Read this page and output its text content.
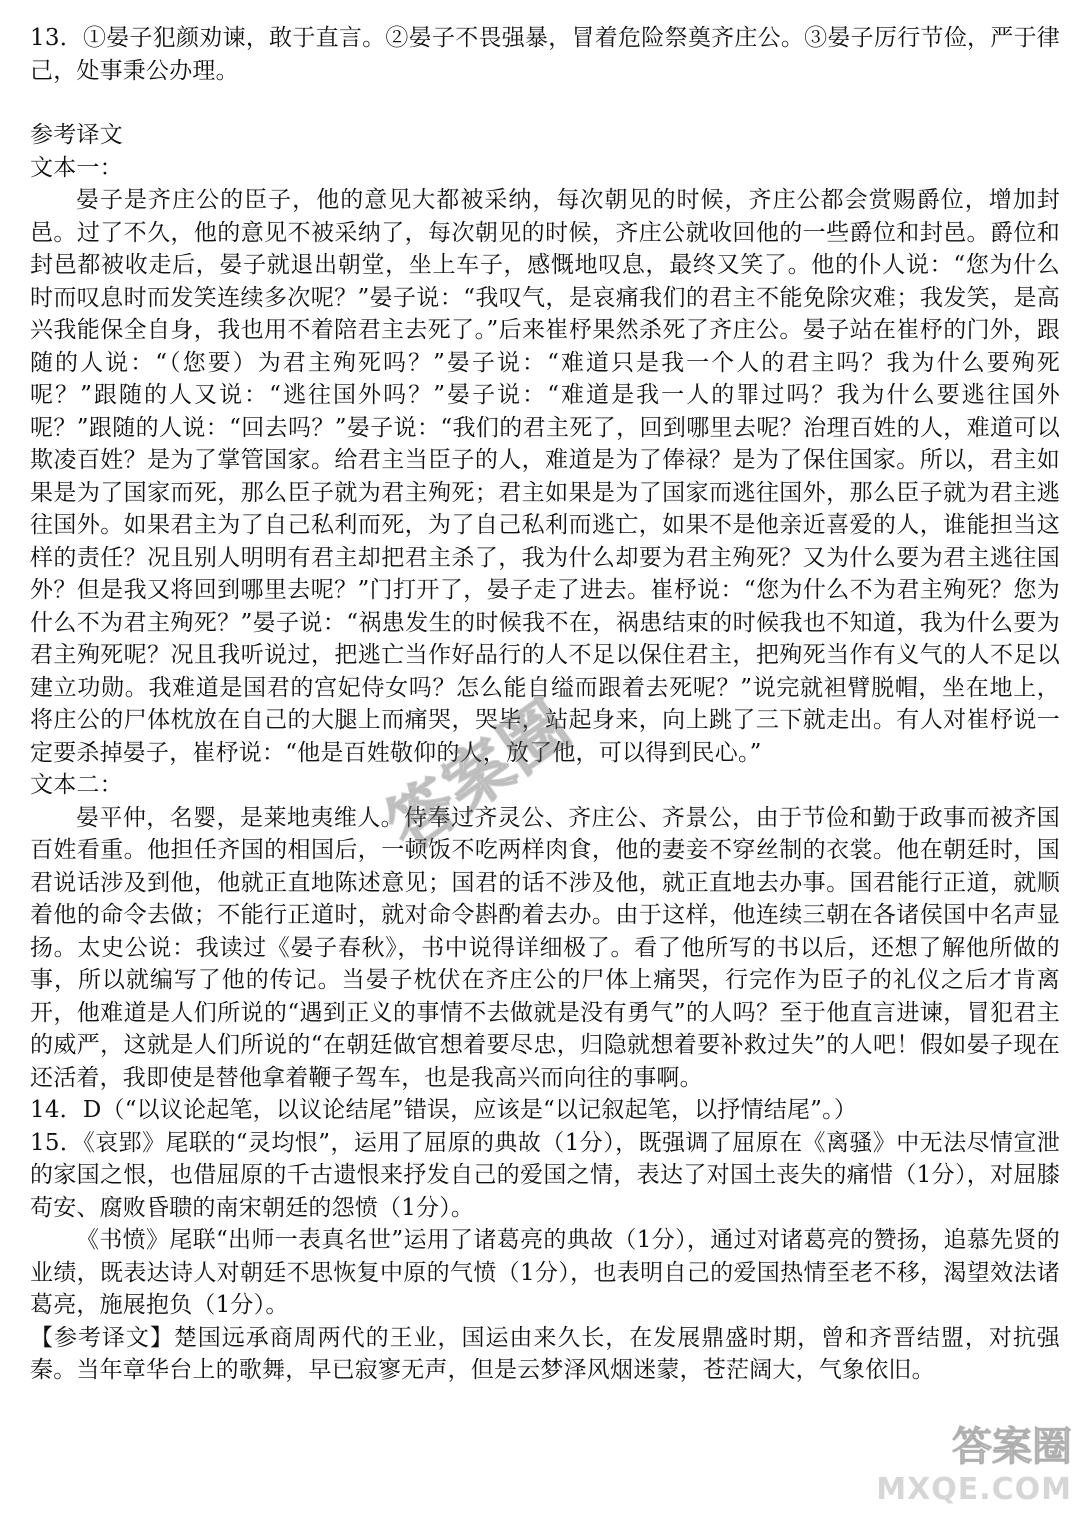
13．①晏子犯颜劝谏，敢于直言。②晏子不畏强暴，冒着危险祭奠齐庄公。③晏子厉行节俭，严于律己，处事秉公办理。

参考译文

文本一：

晏子是齐庄公的臣子，他的意见大都被采纳，每次朝见的时候，齐庄公都会赏赐爵位，增加封邑。过了不久，他的意见不被采纳了，每次朝见的时候，齐庄公就收回他的一些爵位和封邑。爵位和封邑都被收走后，晏子就退出朝堂，坐上车子，感慨地叹息，最终又笑了。他的仆人说：“您为什么时而叹息时而发笑连续多次呢？”晏子说：“我叹气，是哀痛我们的君主不能免除灾难；我发笑，是高兴我能保全自身，我也用不着陪君主去死了。”后来崔杼果然杀死了齐庄公。晏子站在崔杼的门外，跟随的人说：“（您要）为君主殉死吗？”晏子说：“难道只是我一个人的君主吗？我为什么要殉死呢？”跟随的人又说：“逃往国外吗？”晏子说：“难道是我一人的罪过吗？我为什么要逃往国外呢？”跟随的人说：“回去吗？”晏子说：“我们的君主死了，回到哪里去呢？治理百姓的人，难道可以欺凌百姓？是为了掌管国家。给君主当臣子的人，难道是为了俸禄？是为了保住国家。所以，君主如果是为了国家而死，那么臣子就为君主殉死；君主如果是为了国家而逃往国外，那么臣子就为君主逃往国外。如果君主为了自己私利而死，为了自己私利而逃亡，如果不是他亲近喜爱的人，谁能担当这样的责任？况且别人明明有君主却把君主杀了，我为什么却要为君主殉死？又为什么要为君主逃往国外？但是我又将回到哪里去呢？”门打开了，晏子走了进去。崔杼说：“您为什么不为君主殉死？您为什么不为君主殉死？”晏子说：“祸患发生的时候我不在，祸患结束的时候我也不知道，我为什么要为君主殉死呢？况且我听说过，把逃亡当作好品行的人不足以保住君主，把殉死当作有义气的人不足以建立功勋。我难道是国君的宫妃侍女吗？怎么能自缢而跟着去死呢？”说完就袒臂脱帽，坐在地上，将庄公的尸体枕放在自己的大腿上而痛哭，哭毕，站起身来，向上跳了三下就走出。有人对崔杼说一定要杀掉晏子，崔杼说：“他是百姓敬仰的人，放了他，可以得到民心。”

文本二：

晏平仲，名婴，是莱地夷维人。侍奉过齐灵公、齐庄公、齐景公，由于节俭和勤于政事而被齐国百姓看重。他担任齐国的相国后，一顿饭不吃两样肉食，他的妻妾不穿丝制的衣裳。他在朝廷时，国君说话涉及到他，他就正直地陈述意见；国君的话不涉及他，就正直地去办事。国君能行正道，就顺着他的命令去做；不能行正道时，就对命令斟酌着去办。由于这样，他连续三朝在各诸侯国中名声显扬。太史公说：我读过《晏子春秋》，书中说得详细极了。看了他所写的书以后，还想了解他所做的事，所以就编写了他的传记。当晏子枕伏在齐庄公的尸体上痛哭，行完作为臣子的礼仪之后才肯离开，他难道是人们所说的“遇到正义的事情不去做就是没有勇气”的人吗？至于他直言进谏，冒犯君主的威严，这就是人们所说的“在朝廷做官想着要尽忠，归隐就想着要补救过失”的人吧！假如晏子现在还活着，我即使是替他拿着鞭子驾车，也是我高兴而向往的事啊。

14．D（“以议论起笔，以议论结尾”错误，应该是“以记叙起笔，以抒情结尾”。）

15．《哀郢》尾联的“灵均恨”，运用了屈原的典故（1分），既强调了屈原在《离骚》中无法尽情宣泄的家国之恨，也借屈原的千古遗恨来抒发自己的爱国之情，表达了对国土丧失的痛惜（1分），对屈膝苟安、腐败昏聩的南宋朝廷的怨愤（1分）。

《书愤》尾联“出师一表真名世”运用了诸葛亮的典故（1分），通过对诸葛亮的赞扬，追慕先贤的业绩，既表达诗人对朝廷不思恢复中原的气愤（1分），也表明自己的爱国热情至老不移，渴望效法诸葛亮，施展抱负（1分）。

【参考译文】楚国远承商周两代的王业，国运由来久长，在发展鼎盛时期，曾和齐晋结盟，对抗强秦。当年章华台上的歌舞，早已寂寥无声，但是云梦泽风烟迷蒙，苍茫阔大，气象依旧。

答案圈
答案圈
MXQE.COM
